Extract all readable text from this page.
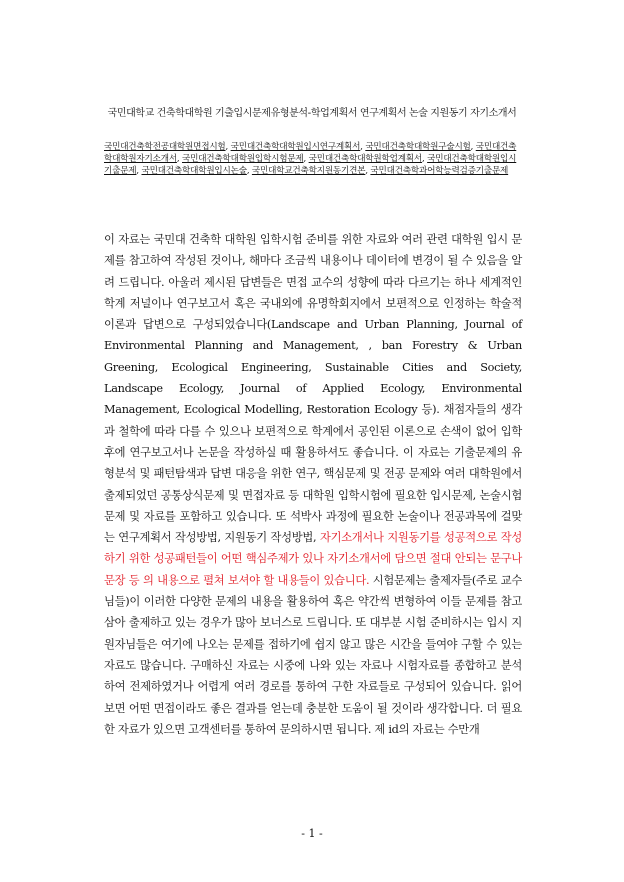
국민대학교 건축학대학원 기출입시문제유형분석-학업계획서 연구계획서 논술 지원동기 자기소개서
국민대건축학전공대학원면접시험, 국민대건축학대학원입시연구계획서, 국민대건축학대학원구술시험, 국민대건축학대학원자기소개서, 국민대건축학대학원입학시험문제, 국민대건축학대학원학업계획서, 국민대건축학대학원입시기출문제, 국민대건축학대학원입시논술, 국민대학교건축학지원동기견본, 국민대건축학과어학능력검증기출문제

이 자료는 국민대 건축학 대학원 입학시험 준비를 위한 자료와 여러 관련 대학원 입시 문제를 참고하여 작성된 것이나, 해마다 조금씩 내용이나 데이터에 변경이 될 수 있음을 알려 드립니다. 아울러 제시된 답변들은 면접 교수의 성향에 따라 다르기는 하나 세계적인 학계 저널이나 연구보고서 혹은 국내외에 유명학회지에서 보편적으로 인정하는 학술적 이론과 답변으로 구성되었습니다(Landscape and Urban Planning, Journal of Environmental Planning and Management, , ban Forestry & Urban Greening, Ecological Engineering, Sustainable Cities and Society, Landscape Ecology, Journal of Applied Ecology, Environmental Management, Ecological Modelling, Restoration Ecology 등). 채점자들의 생각과 철학에 따라 다를 수 있으나 보편적으로 학계에서 공인된 이론으로 손색이 없어 입학후에 연구보고서나 논문을 작성하실 때 활용하셔도 좋습니다. 이 자료는 기출문제의 유형분석 및 패턴탐색과 답변 대응을 위한 연구, 핵심문제 및 전공 문제와 여러 대학원에서 출제되었던 공통상식문제 및 면접자료 등 대학원 입학시험에 필요한 입시문제, 논술시험문제 및 자료를 포함하고 있습니다. 또 석박사 과정에 필요한 논술이나 전공과목에 걸맞는 연구계획서 작성방법, 지원동기 작성방법, 자기소개서나 지원동기를 성공적으로 작성하기 위한 성공패턴들이 어떤 핵심주제가 있나 자기소개서에 담으면 절대 안되는 문구나 문장 등 의 내용으로 펼쳐 보셔야 할 내용들이 있습니다. 시험문제는 출제자들(주로 교수님들)이 이러한 다양한 문제의 내용을 활용하여 혹은 약간씩 변형하여 이들 문제를 참고삼아 출제하고 있는 경우가 많아 보너스로 드립니다. 또 대부분 시험 준비하시는 입시 지원자님들은 여기에 나오는 문제를 접하기에 쉽지 않고 많은 시간을 들여야 구할 수 있는 자료도 많습니다. 구매하신 자료는 시중에 나와 있는 자료나 시험자료를 종합하고 분석하여 전제하였거나 어렵게 여러 경로를 통하여 구한 자료들로 구성되어 있습니다. 읽어보면 어떤 면접이라도 좋은 결과를 얻는데 충분한 도움이 될 것이라 생각합니다. 더 필요한 자료가 있으면 고객센터를 통하여 문의하시면 됩니다. 제 id의 자료는 수만개

- 1 -
